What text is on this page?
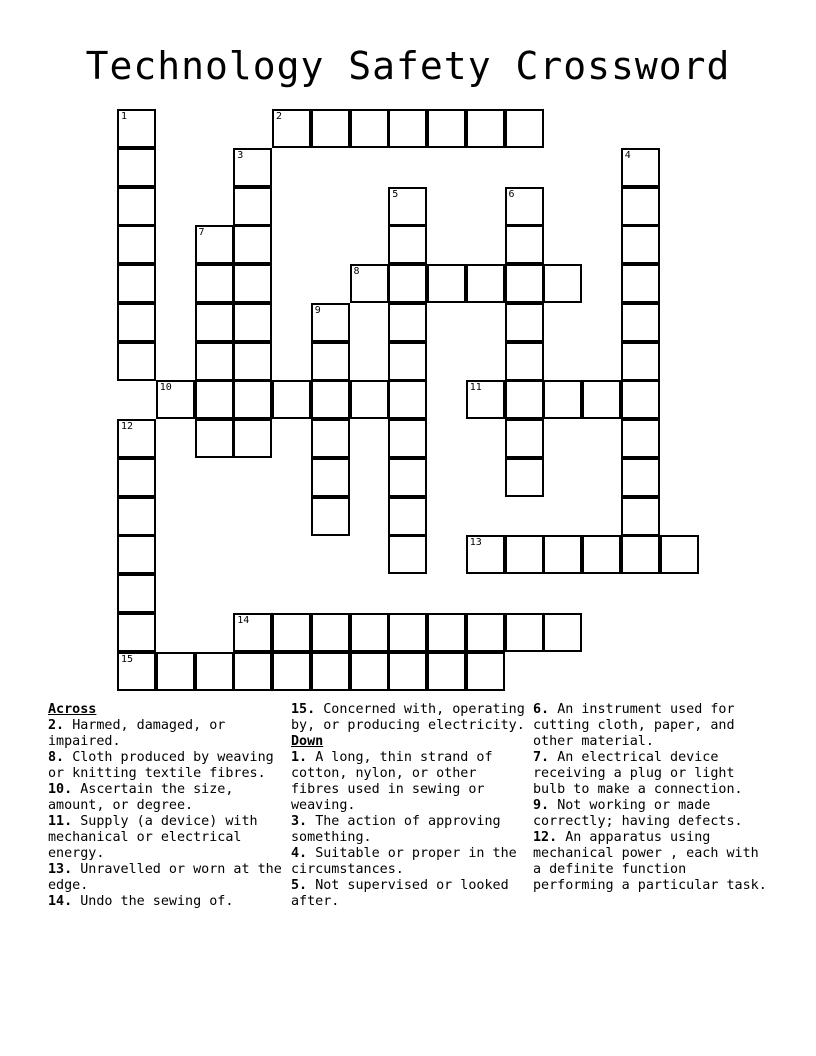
Technology Safety Crossword
1	2
3	4
5	6
7
8
9
10	11
12
13
14
15
Across

2. Harmed, damaged, or impaired.

8. Cloth produced by weaving or knitting textile fibres.

10. Ascertain the size, amount, or degree.

11. Supply (a device) with mechanical or electrical energy.

13. Unravelled or worn at the edge.

14. Undo the sewing of.

15. Concerned with, operating by, or producing electricity.

Down

1. A long, thin strand of cotton, nylon, or other fibres used in sewing or weaving.

3. The action of approving something.

4. Suitable or proper in the circumstances.

5. Not supervised or looked after.

6. An instrument used for cutting cloth, paper, and other material.

7. An electrical device receiving a plug or light bulb to make a connection.

9. Not working or made correctly; having defects.

12. An apparatus using mechanical power , each with a definite function performing a particular task.
